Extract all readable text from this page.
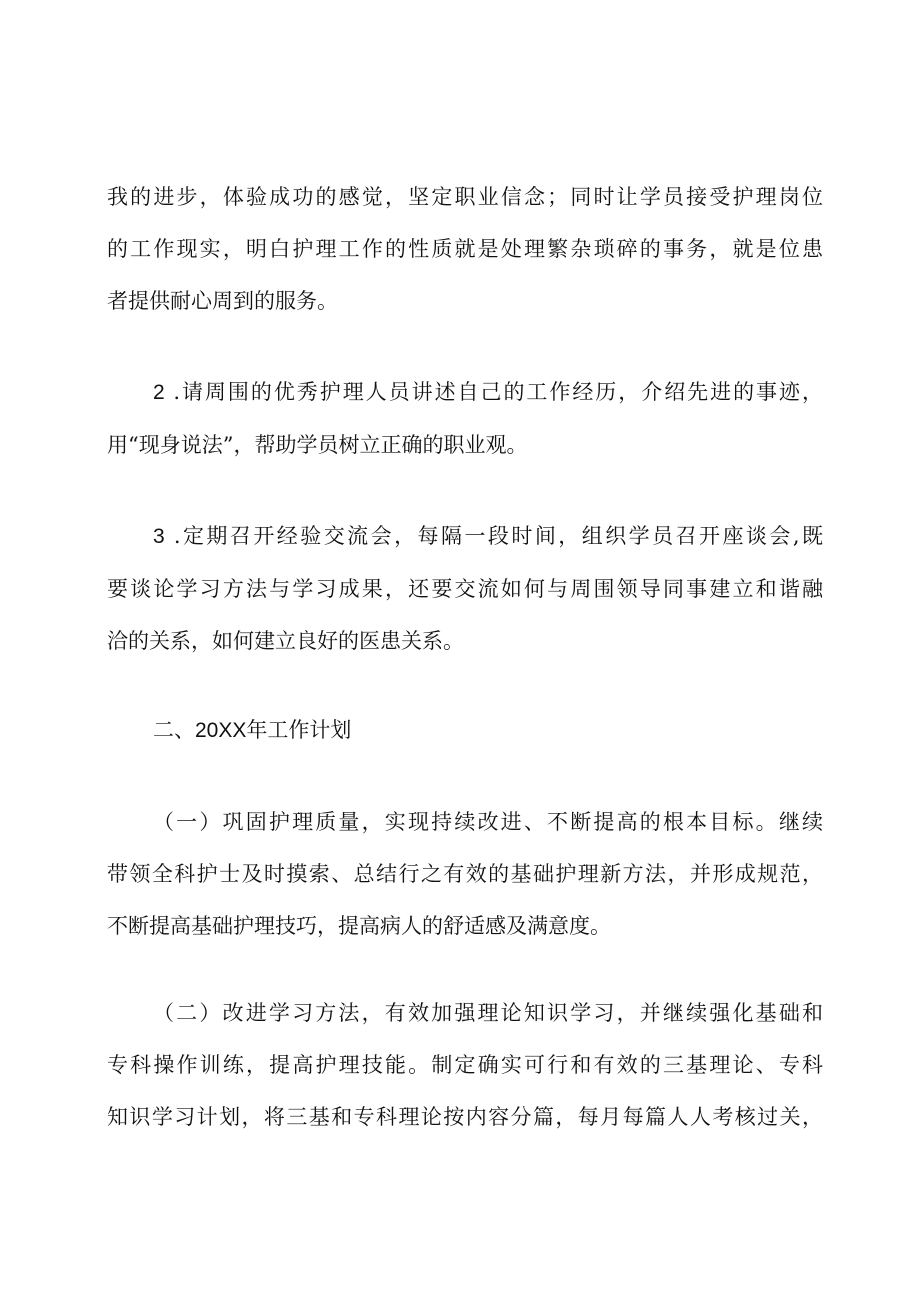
我的进步，体验成功的感觉，坚定职业信念；同时让学员接受护理岗位
的工作现实，明白护理工作的性质就是处理繁杂琐碎的事务，就是位患
者提供耐心周到的服务。
2 .请周围的优秀护理人员讲述自己的工作经历，介绍先进的事迹，
用“现身说法”，帮助学员树立正确的职业观。
3 .定期召开经验交流会，每隔一段时间，组织学员召开座谈会,既
要谈论学习方法与学习成果，还要交流如何与周围领导同事建立和谐融
洽的关系，如何建立良好的医患关系。
二、20XX年工作计划
（一）巩固护理质量，实现持续改进、不断提高的根本目标。继续
带领全科护士及时摸索、总结行之有效的基础护理新方法，并形成规范，
不断提高基础护理技巧，提高病人的舒适感及满意度。
（二）改进学习方法，有效加强理论知识学习，并继续强化基础和
专科操作训练，提高护理技能。制定确实可行和有效的三基理论、专科
知识学习计划，将三基和专科理论按内容分篇，每月每篇人人考核过关，
